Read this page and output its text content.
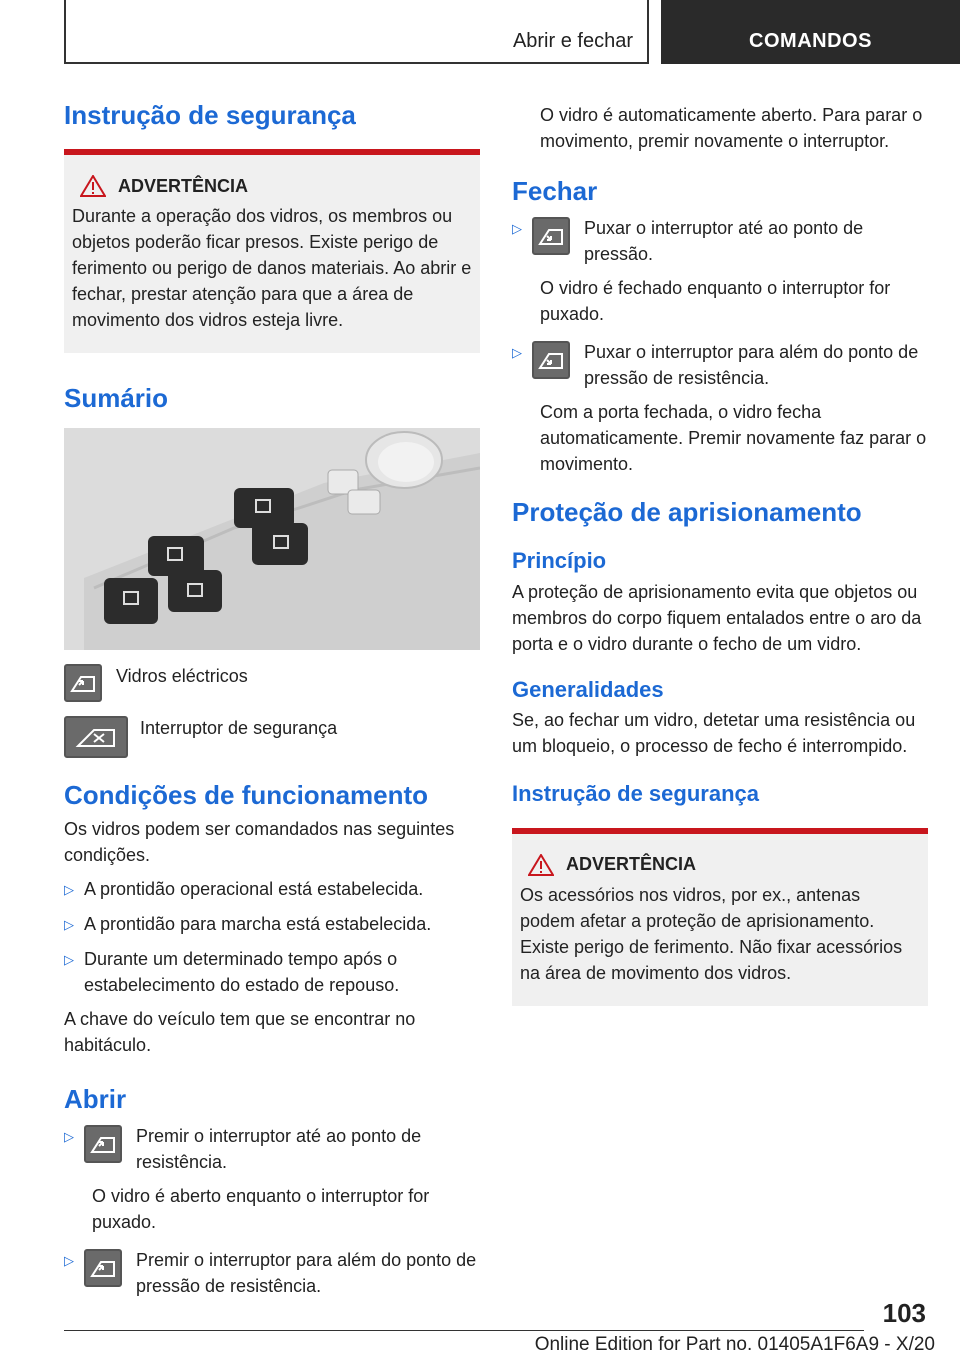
Abrir e fechar	COMANDOS
Instrução de segurança
ADVERTÊNCIA

Durante a operação dos vidros, os membros ou objetos poderão ficar presos. Existe perigo de ferimento ou perigo de danos materiais. Ao abrir e fechar, prestar atenção para que a área de movimento dos vidros esteja livre.

Sumário
Vidros eléctricos
Interruptor de segurança
Condições de funcionamento

Os vidros podem ser comandados nas seguintes condições.

▷ A prontidão operacional está estabelecida.
▷ A prontidão para marcha está estabelecida.
▷ Durante um determinado tempo após o estabelecimento do estado de repouso.

A chave do veículo tem que se encontrar no habitáculo.

Abrir
▷	Premir o interruptor até ao ponto de resistência.

O vidro é aberto enquanto o interruptor for puxado.

▷	Premir o interruptor para além do ponto de pressão de resistência.

O vidro é automaticamente aberto. Para parar o movimento, premir novamente o interruptor.

Fechar
▷	Puxar o interruptor até ao ponto de pressão.

O vidro é fechado enquanto o interruptor for puxado.

▷	Puxar o interruptor para além do ponto de pressão de resistência.

Com a porta fechada, o vidro fecha automaticamente. Premir novamente faz parar o movimento.

Proteção de aprisionamento
Princípio

A proteção de aprisionamento evita que objetos ou membros do corpo fiquem entalados entre o aro da porta e o vidro durante o fecho de um vidro.

Generalidades

Se, ao fechar um vidro, detetar uma resistência ou um bloqueio, o processo de fecho é interrompido.

Instrução de segurança
ADVERTÊNCIA

Os acessórios nos vidros, por ex., antenas podem afetar a proteção de aprisionamento. Existe perigo de ferimento. Não fixar acessórios na área de movimento dos vidros.

103
Online Edition for Part no. 01405A1F6A9 - X/20
